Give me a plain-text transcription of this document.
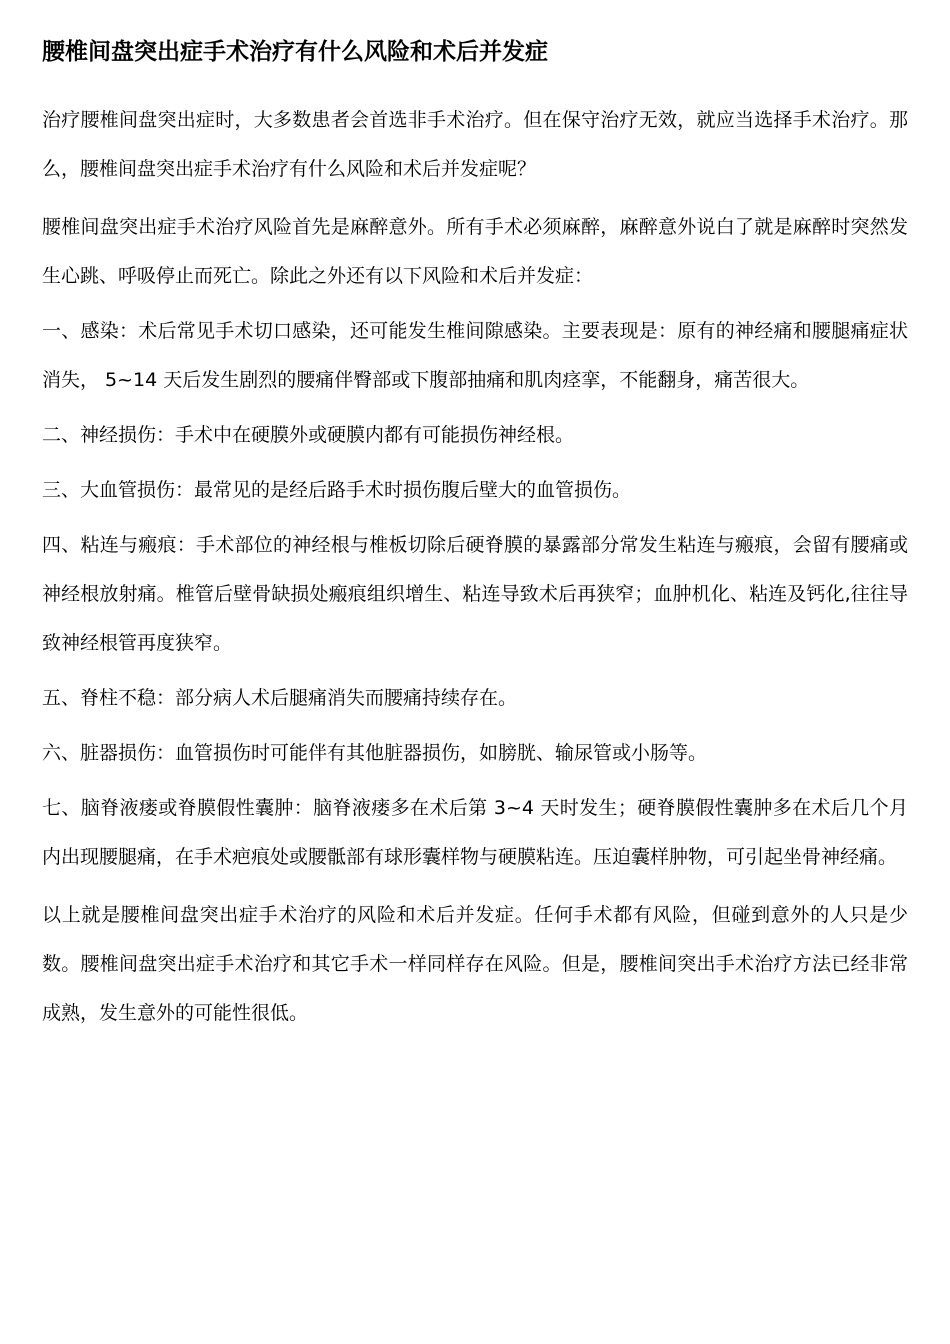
腰椎间盘突出症手术治疗有什么风险和术后并发症

治疗腰椎间盘突出症时，大多数患者会首选非手术治疗。但在保守治疗无效，就应当选择手术治疗。那么，腰椎间盘突出症手术治疗有什么风险和术后并发症呢？

腰椎间盘突出症手术治疗风险首先是麻醉意外。所有手术必须麻醉，麻醉意外说白了就是麻醉时突然发生心跳、呼吸停止而死亡。除此之外还有以下风险和术后并发症：

一、感染：术后常见手术切口感染，还可能发生椎间隙感染。主要表现是：原有的神经痛和腰腿痛症状消失， 5~14 天后发生剧烈的腰痛伴臀部或下腹部抽痛和肌肉痉挛，不能翻身，痛苦很大。

二、神经损伤：手术中在硬膜外或硬膜内都有可能损伤神经根。

三、大血管损伤：最常见的是经后路手术时损伤腹后壁大的血管损伤。

四、粘连与瘢痕：手术部位的神经根与椎板切除后硬脊膜的暴露部分常发生粘连与瘢痕，会留有腰痛或神经根放射痛。椎管后壁骨缺损处瘢痕组织增生、粘连导致术后再狭窄；血肿机化、粘连及钙化,往往导致神经根管再度狭窄。

五、脊柱不稳：部分病人术后腿痛消失而腰痛持续存在。

六、脏器损伤：血管损伤时可能伴有其他脏器损伤，如膀胱、输尿管或小肠等。

七、脑脊液瘘或脊膜假性囊肿：脑脊液瘘多在术后第 3~4 天时发生；硬脊膜假性囊肿多在术后几个月内出现腰腿痛，在手术疤痕处或腰骶部有球形囊样物与硬膜粘连。压迫囊样肿物，可引起坐骨神经痛。

以上就是腰椎间盘突出症手术治疗的风险和术后并发症。任何手术都有风险，但碰到意外的人只是少数。腰椎间盘突出症手术治疗和其它手术一样同样存在风险。但是，腰椎间突出手术治疗方法已经非常成熟，发生意外的可能性很低。
